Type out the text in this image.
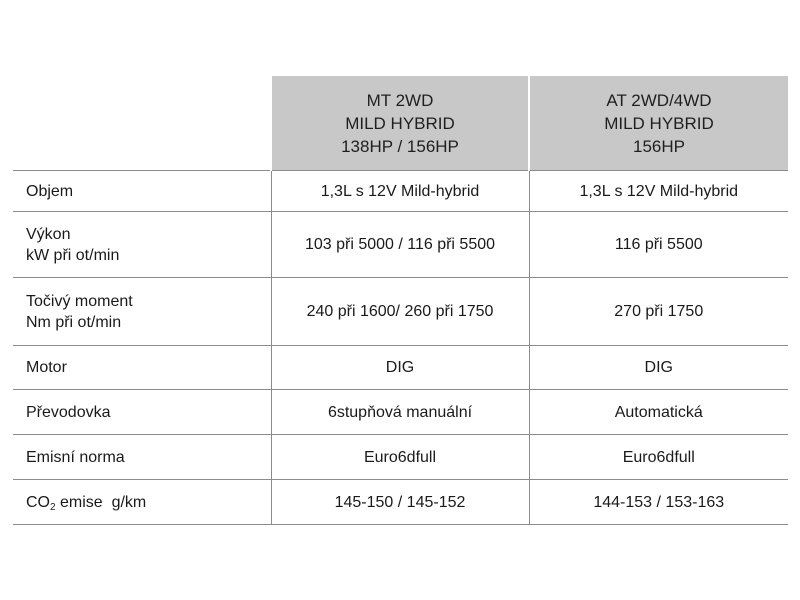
	MT 2WD
MILD HYBRID
138HP / 156HP	AT 2WD/4WD
MILD HYBRID
156HP

Objem	1,3L s 12V Mild-hybrid	1,3L s 12V Mild-hybrid

Výkon
kW při ot/min	103 při 5000 / 116 při 5500	116 při 5500

Točivý moment
Nm při ot/min	240 při 1600/ 260 při 1750	270 při 1750
Motor	DIG	DIG
Převodovka	6stupňová manuální	Automatická
Emisní norma	Euro6dfull	Euro6dfull
$CO_2$ emise  g/km	145-150 / 145-152	144-153 / 153-163
